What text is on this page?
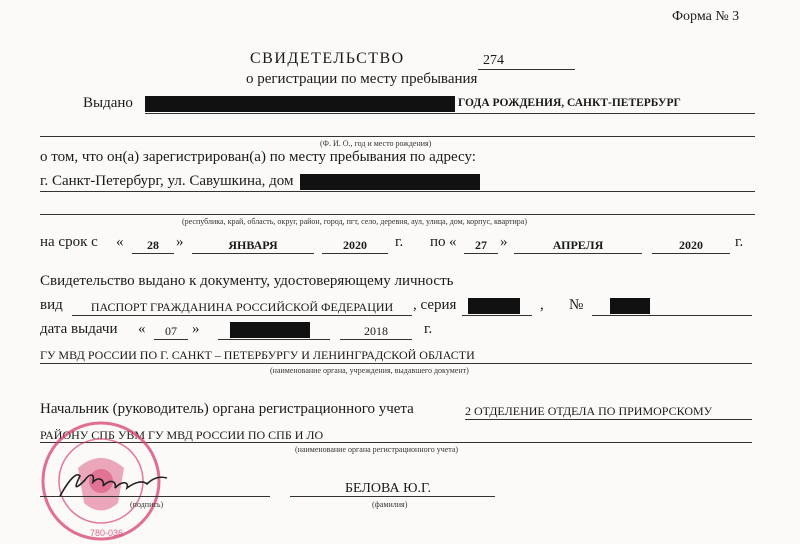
Форма № 3
СВИДЕТЕЛЬСТВО	274
о регистрации по месту пребывания
Выдано	ГОДА РОЖДЕНИЯ, САНКТ-ПЕТЕРБУРГ
(Ф. И. О., год и место рождения)
о том, что он(а) зарегистрирован(а) по месту пребывания по адресу:
г. Санкт-Петербург, ул. Савушкина, дом
(республика, край, область, округ, район, город, пгт, село, деревня, аул, улица, дом, корпус, квартира)
на срок с «	28	»	ЯНВАРЯ	2020	г. по «	27 »	АПРЕЛЯ	2020	г.
Свидетельство выдано к документу, удостоверяющему личность
вид	ПАСПОРТ ГРАЖДАНИНА РОССИЙСКОЙ ФЕДЕРАЦИИ	, серия	, №
дата выдачи «	07	»	2018	г.
ГУ МВД РОССИИ ПО Г. САНКТ – ПЕТЕРБУРГУ И ЛЕНИНГРАДСКОЙ ОБЛАСТИ
(наименование органа, учреждения, выдавшего документ)
Начальник (руководитель) органа регистрационного учета	2 ОТДЕЛЕНИЕ ОТДЕЛА ПО ПРИМОРСКОМУ
РАЙОНУ СПБ УВМ ГУ МВД РОССИИ ПО СПБ И ЛО
(наименование органа регистрационного учета)
780-036
(подпись)
БЕЛОВА Ю.Г.
(фамилия)
